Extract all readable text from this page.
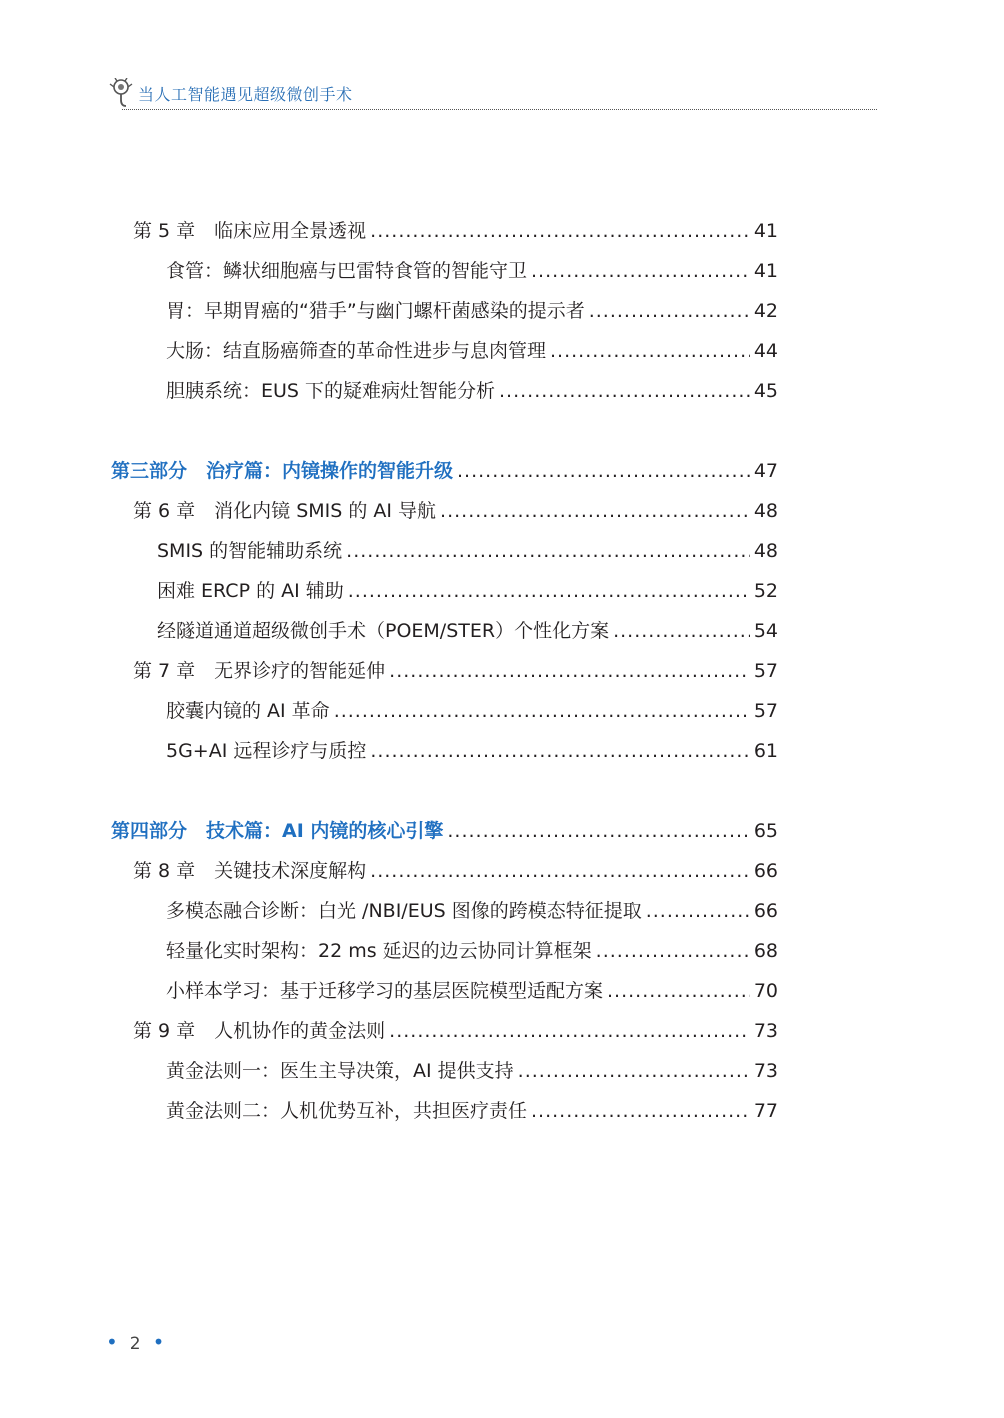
当人工智能遇见超级微创手术
第 5 章　临床应用全景透视 .....	41
食管：鳞状细胞癌与巴雷特食管的智能守卫 .....	41
胃：早期胃癌的“猎手”与幽门螺杆菌感染的提示者 .....	42
大肠：结直肠癌筛查的革命性进步与息肉管理 .....	44
胆胰系统：EUS 下的疑难病灶智能分析 .....	45
第三部分　治疗篇：内镜操作的智能升级 .....	47
第 6 章　消化内镜 SMIS 的 AI 导航 .....	48
SMIS 的智能辅助系统 .....	48
困难 ERCP 的 AI 辅助 .....	52
经隧道通道超级微创手术（POEM/STER）个性化方案 .....	54
第 7 章　无界诊疗的智能延伸 .....	57
胶囊内镜的 AI 革命 .....	57
5G+AI 远程诊疗与质控 .....	61
第四部分　技术篇：AI 内镜的核心引擎 .....	65
第 8 章　关键技术深度解构 .....	66
多模态融合诊断：白光 /NBI/EUS 图像的跨模态特征提取 .....	66
轻量化实时架构：22 ms 延迟的边云协同计算框架 .....	68
小样本学习：基于迁移学习的基层医院模型适配方案 .....	70
第 9 章　人机协作的黄金法则 .....	73
黄金法则一：医生主导决策，AI 提供支持 .....	73
黄金法则二：人机优势互补，共担医疗责任 .....	77
• 2 •
